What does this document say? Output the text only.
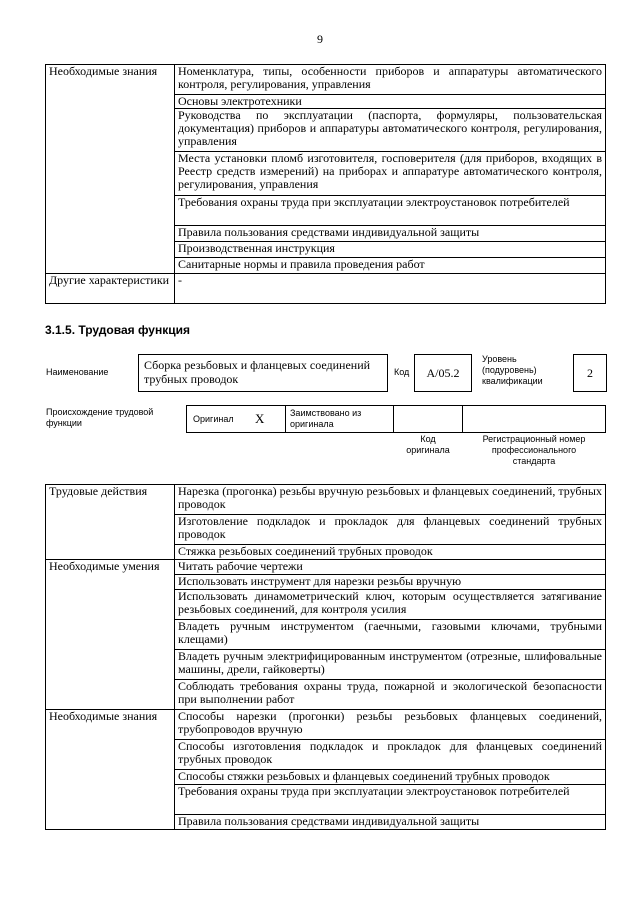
9
Необходимые знания	Номенклатура, типы, особенности приборов и аппаратуры автоматического контроля, регулирования, управления
	Основы электротехники
	Руководства по эксплуатации (паспорта, формуляры, пользовательская документация) приборов и аппаратуры автоматического контроля, регулирования, управления
	Места установки пломб изготовителя, госповерителя (для приборов, входящих в Реестр средств измерений) на приборах и аппаратуре автоматического контроля, регулирования, управления
	Требования охраны труда при эксплуатации электроустановок потребителей
	Правила пользования средствами индивидуальной защиты
	Производственная инструкция
	Санитарные нормы и правила проведения работ
Другие характеристики	-
3.1.5. Трудовая функция
Наименование	Сборка резьбовых и фланцевых соединений трубных проводок	Код	А/05.2
Уровень (подуровень) квалификации
2
Происхождение трудовой функции	Оригинал X	Заимствовано из оригинала
Код оригинала
Регистрационный номер профессионального стандарта
Трудовые действия	Нарезка (прогонка) резьбы вручную резьбовых и фланцевых соединений, трубных проводок
	Изготовление подкладок и прокладок для фланцевых соединений трубных проводок
	Стяжка резьбовых соединений трубных проводок
Необходимые умения	Читать рабочие чертежи
	Использовать инструмент для нарезки резьбы вручную
	Использовать динамометрический ключ, которым осуществляется затягивание резьбовых соединений, для контроля усилия
	Владеть ручным инструментом (гаечными, газовыми ключами, трубными клещами)
	Владеть ручным электрифицированным инструментом (отрезные, шлифовальные машины, дрели, гайковерты)
	Соблюдать требования охраны труда, пожарной и экологической безопасности при выполнении работ
Необходимые знания	Способы нарезки (прогонки) резьбы резьбовых фланцевых соединений, трубопроводов вручную
	Способы изготовления подкладок и прокладок для фланцевых соединений трубных проводок
	Способы стяжки резьбовых и фланцевых соединений трубных проводок
	Требования охраны труда при эксплуатации электроустановок потребителей
	Правила пользования средствами индивидуальной защиты
